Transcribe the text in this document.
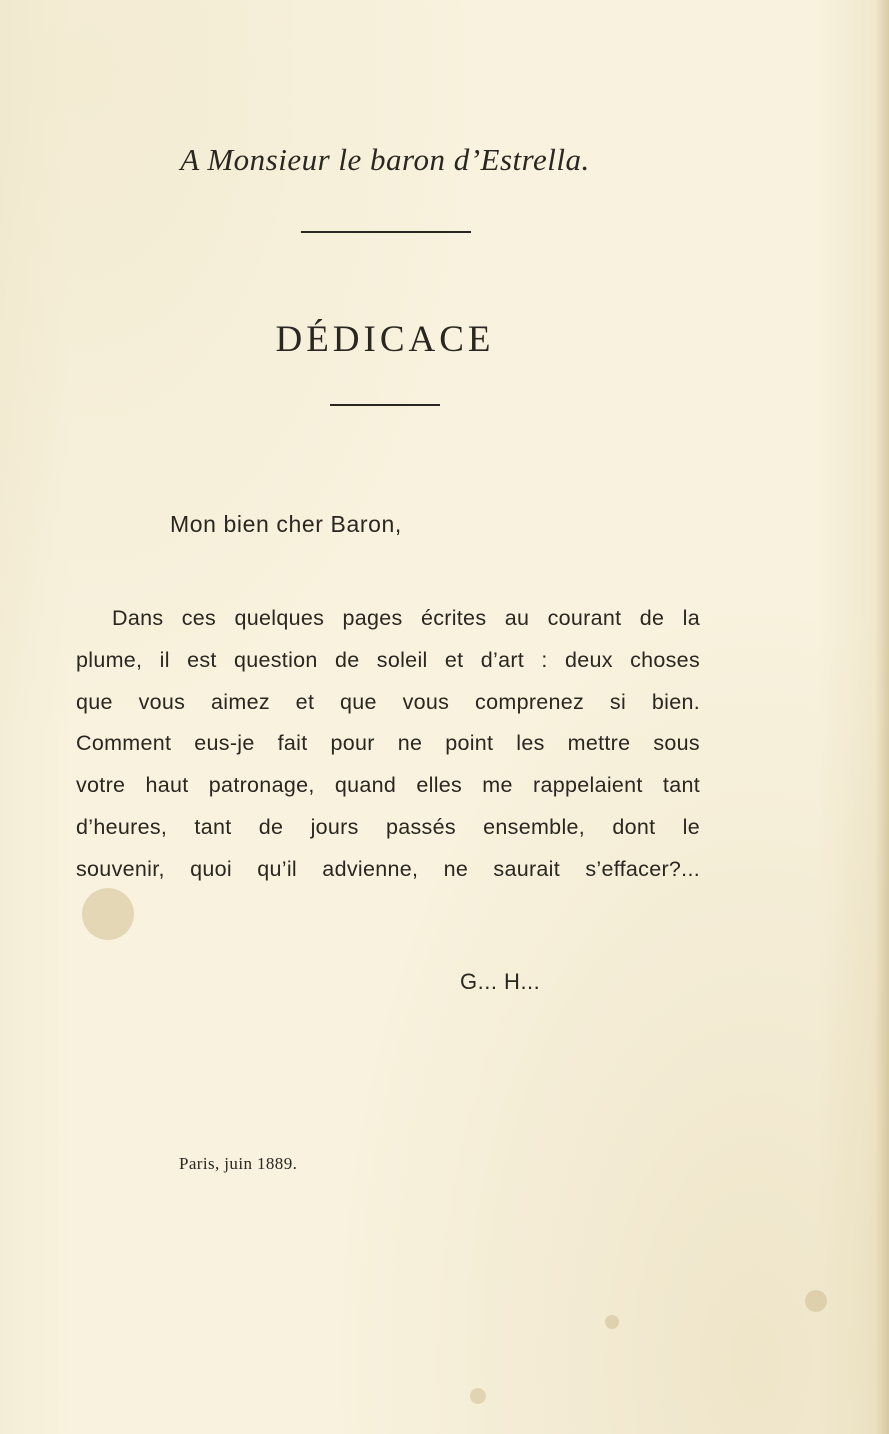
A Monsieur le baron d’Estrella.
DÉDICACE
Mon bien cher Baron,
Dans ces quelques pages écrites au courant de la
plume, il est question de soleil et d’art : deux choses
que vous aimez et que vous comprenez si bien.
Comment eus-je fait pour ne point les mettre sous
votre haut patronage, quand elles me rappelaient tant
d’heures, tant de jours passés ensemble, dont le
souvenir, quoi qu’il advienne, ne saurait s’effacer?...
G... H...
Paris, juin 1889.
